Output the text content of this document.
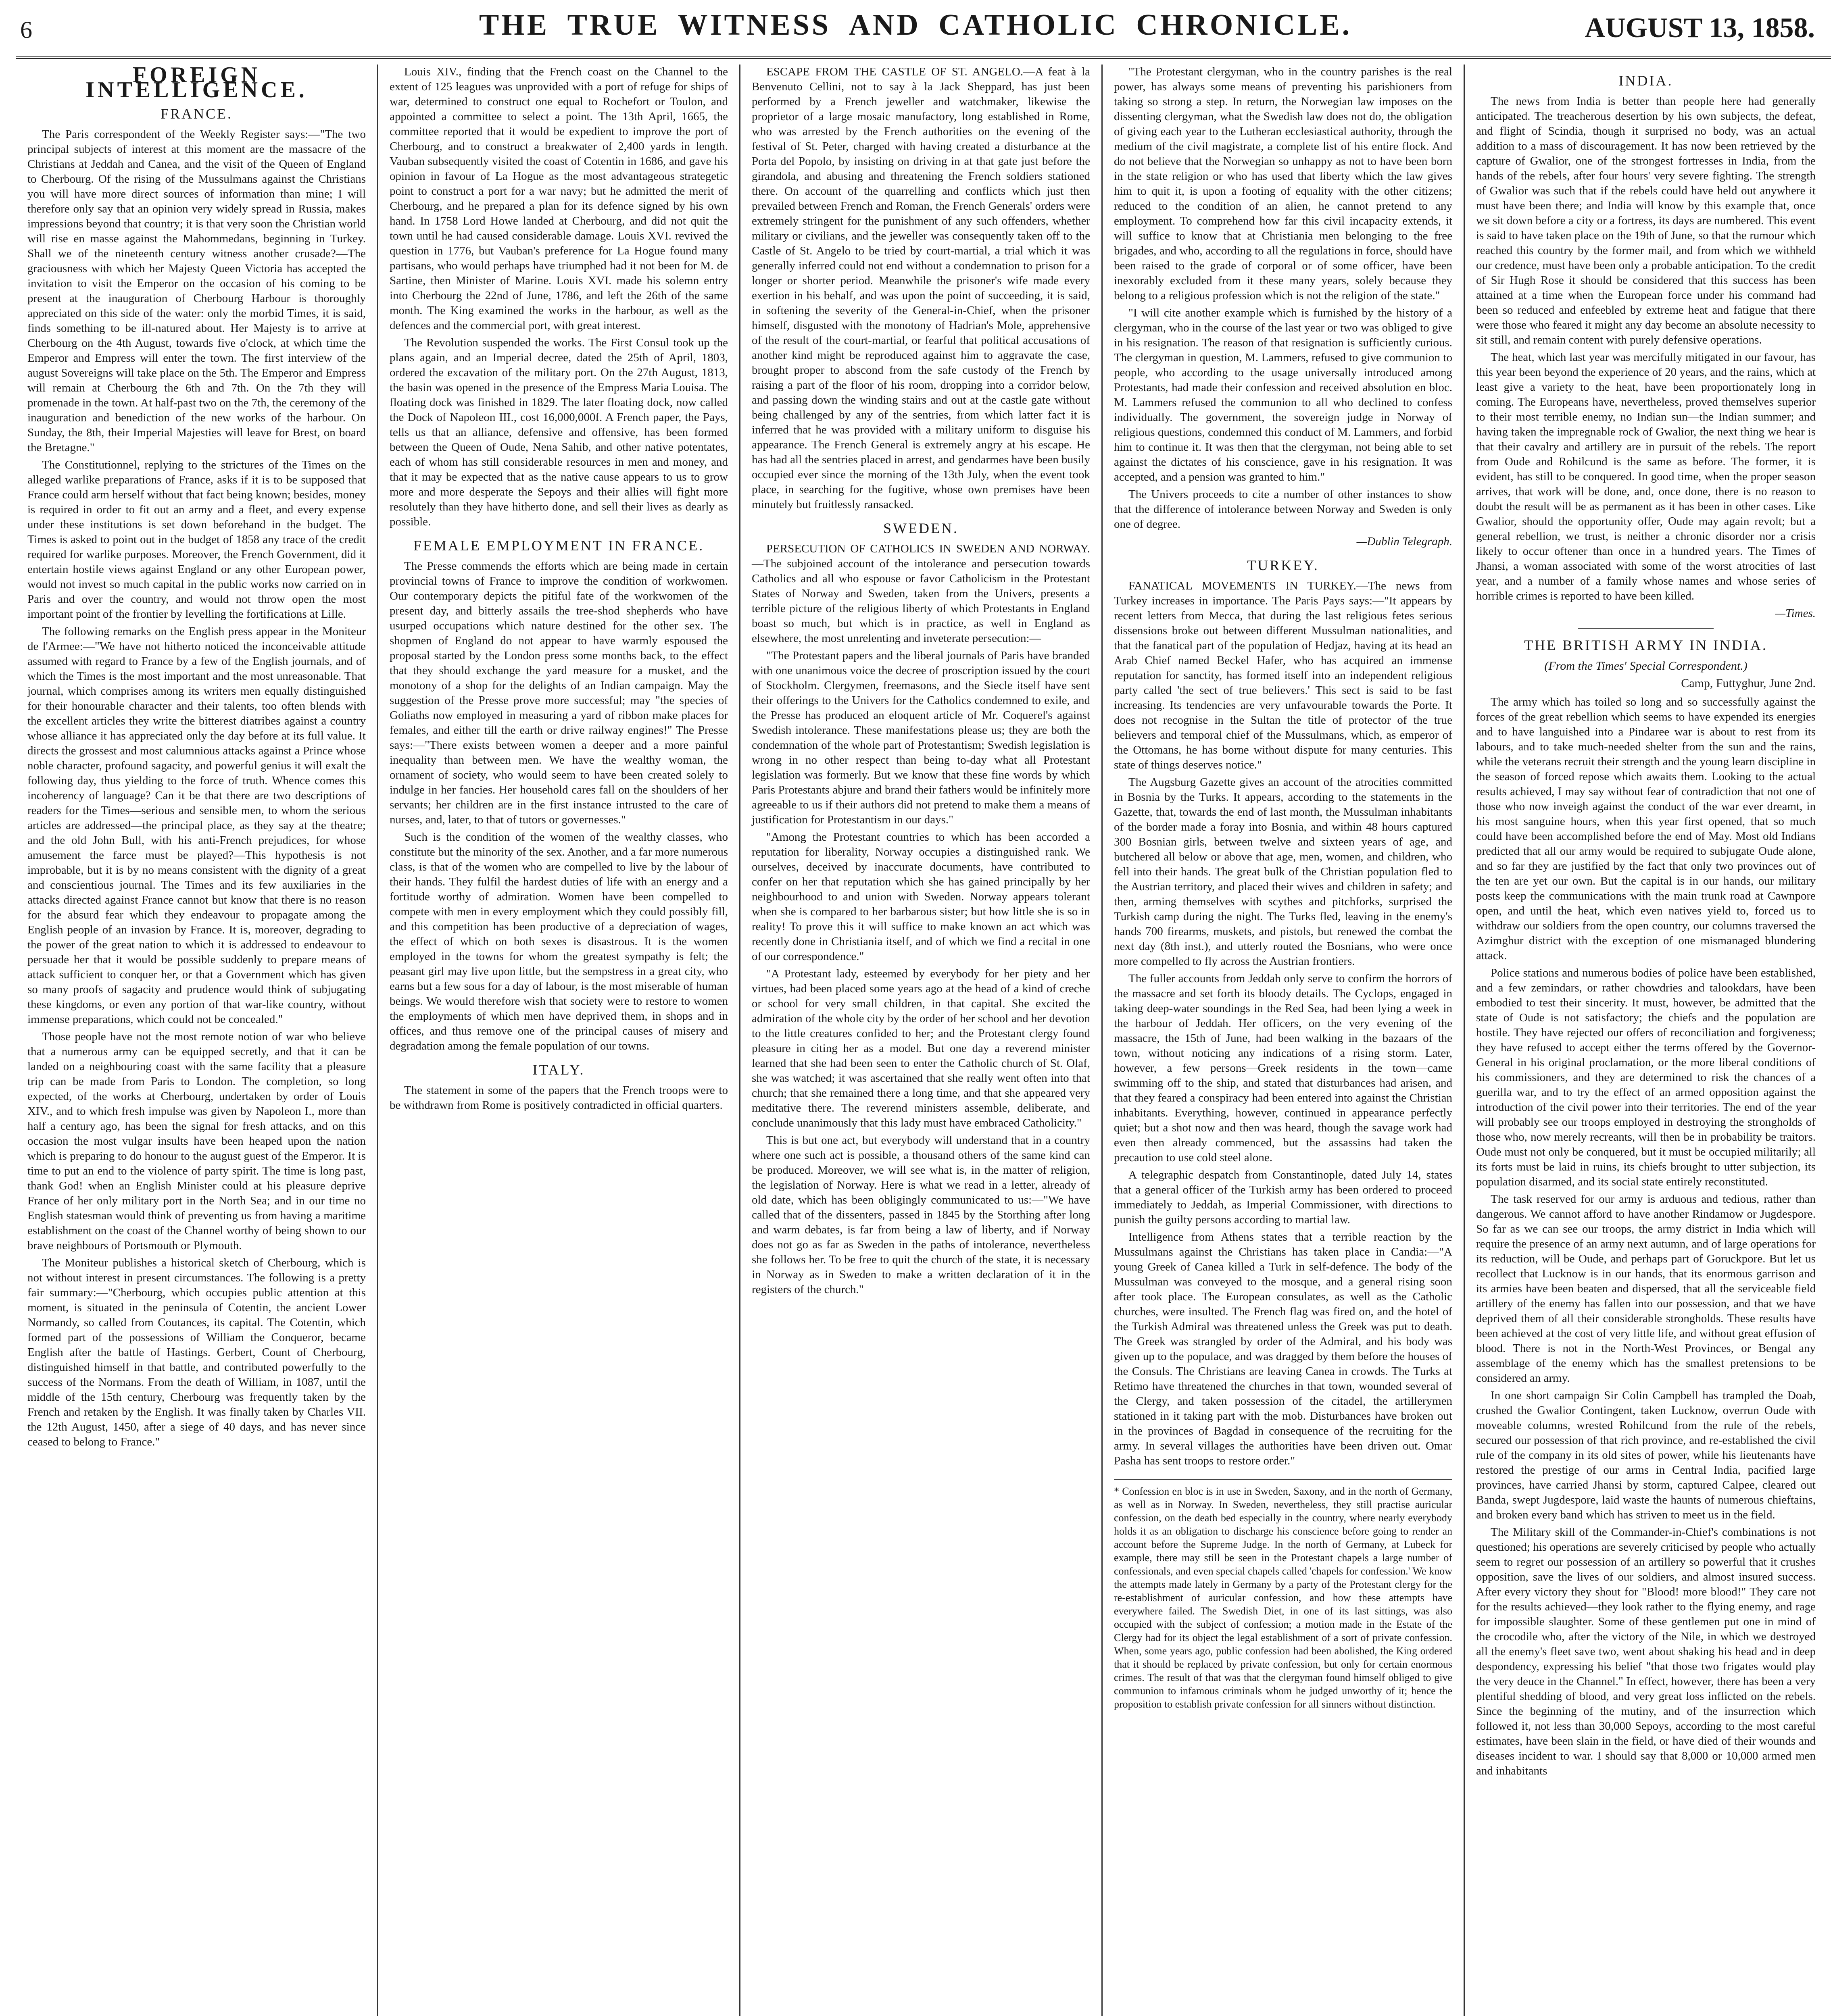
6	THE TRUE WITNESS AND CATHOLIC CHRONICLE.	AUGUST 13, 1858.
FOREIGN INTELLIGENCE.
FRANCE.

The Paris correspondent of the Weekly Register says:—"The two principal subjects of interest at this moment are the massacre of the Christians at Jeddah and Canea, and the visit of the Queen of England to Cherbourg. Of the rising of the Mussulmans against the Christians you will have more direct sources of information than mine; I will therefore only say that an opinion very widely spread in Russia, makes impressions beyond that country; it is that very soon the Christian world will rise en masse against the Mahommedans, beginning in Turkey. Shall we of the nineteenth century witness another crusade?—The graciousness with which her Majesty Queen Victoria has accepted the invitation to visit the Emperor on the occasion of his coming to be present at the inauguration of Cherbourg Harbour is thoroughly appreciated on this side of the water: only the morbid Times, it is said, finds something to be ill-natured about. Her Majesty is to arrive at Cherbourg on the 4th August, towards five o'clock, at which time the Emperor and Empress will enter the town. The first interview of the august Sovereigns will take place on the 5th. The Emperor and Empress will remain at Cherbourg the 6th and 7th. On the 7th they will promenade in the town. At half-past two on the 7th, the ceremony of the inauguration and benediction of the new works of the harbour. On Sunday, the 8th, their Imperial Majesties will leave for Brest, on board the Bretagne."

The Constitutionnel, replying to the strictures of the Times on the alleged warlike preparations of France, asks if it is to be supposed that France could arm herself without that fact being known; besides, money is required in order to fit out an army and a fleet, and every expense under these institutions is set down beforehand in the budget. The Times is asked to point out in the budget of 1858 any trace of the credit required for warlike purposes. Moreover, the French Government, did it entertain hostile views against England or any other European power, would not invest so much capital in the public works now carried on in Paris and over the country, and would not throw open the most important point of the frontier by levelling the fortifications at Lille.

The following remarks on the English press appear in the Moniteur de l'Armee:—"We have not hitherto noticed the inconceivable attitude assumed with regard to France by a few of the English journals, and of which the Times is the most important and the most unreasonable. That journal, which comprises among its writers men equally distinguished for their honourable character and their talents, too often blends with the excellent articles they write the bitterest diatribes against a country whose alliance it has appreciated only the day before at its full value. It directs the grossest and most calumnious attacks against a Prince whose noble character, profound sagacity, and powerful genius it will exalt the following day, thus yielding to the force of truth. Whence comes this incoherency of language? Can it be that there are two descriptions of readers for the Times—serious and sensible men, to whom the serious articles are addressed—the principal place, as they say at the theatre; and the old John Bull, with his anti-French prejudices, for whose amusement the farce must be played?—This hypothesis is not improbable, but it is by no means consistent with the dignity of a great and conscientious journal. The Times and its few auxiliaries in the attacks directed against France cannot but know that there is no reason for the absurd fear which they endeavour to propagate among the English people of an invasion by France. It is, moreover, degrading to the power of the great nation to which it is addressed to endeavour to persuade her that it would be possible suddenly to prepare means of attack sufficient to conquer her, or that a Government which has given so many proofs of sagacity and prudence would think of subjugating these kingdoms, or even any portion of that war-like country, without immense preparations, which could not be concealed."

Those people have not the most remote notion of war who believe that a numerous army can be equipped secretly, and that it can be landed on a neighbouring coast with the same facility that a pleasure trip can be made from Paris to London. The completion, so long expected, of the works at Cherbourg, undertaken by order of Louis XIV., and to which fresh impulse was given by Napoleon I., more than half a century ago, has been the signal for fresh attacks, and on this occasion the most vulgar insults have been heaped upon the nation which is preparing to do honour to the august guest of the Emperor. It is time to put an end to the violence of party spirit. The time is long past, thank God! when an English Minister could at his pleasure deprive France of her only military port in the North Sea; and in our time no English statesman would think of preventing us from having a maritime establishment on the coast of the Channel worthy of being shown to our brave neighbours of Portsmouth or Plymouth.

The Moniteur publishes a historical sketch of Cherbourg, which is not without interest in present circumstances. The following is a pretty fair summary:—"Cherbourg, which occupies public attention at this moment, is situated in the peninsula of Cotentin, the ancient Lower Normandy, so called from Coutances, its capital. The Cotentin, which formed part of the possessions of William the Conqueror, became English after the battle of Hastings. Gerbert, Count of Cherbourg, distinguished himself in that battle, and contributed powerfully to the success of the Normans. From the death of William, in 1087, until the middle of the 15th century, Cherbourg was frequently taken by the French and retaken by the English. It was finally taken by Charles VII. the 12th August, 1450, after a siege of 40 days, and has never since ceased to belong to France."

Louis XIV., finding that the French coast on the Channel to the extent of 125 leagues was unprovided with a port of refuge for ships of war, determined to construct one equal to Rochefort or Toulon, and appointed a committee to select a point. The 13th April, 1665, the committee reported that it would be expedient to improve the port of Cherbourg, and to construct a breakwater of 2,400 yards in length. Vauban subsequently visited the coast of Cotentin in 1686, and gave his opinion in favour of La Hogue as the most advantageous strategetic point to construct a port for a war navy; but he admitted the merit of Cherbourg, and he prepared a plan for its defence signed by his own hand. In 1758 Lord Howe landed at Cherbourg, and did not quit the town until he had caused considerable damage. Louis XVI. revived the question in 1776, but Vauban's preference for La Hogue found many partisans, who would perhaps have triumphed had it not been for M. de Sartine, then Minister of Marine. Louis XVI. made his solemn entry into Cherbourg the 22nd of June, 1786, and left the 26th of the same month. The King examined the works in the harbour, as well as the defences and the commercial port, with great interest.

The Revolution suspended the works. The First Consul took up the plans again, and an Imperial decree, dated the 25th of April, 1803, ordered the excavation of the military port. On the 27th August, 1813, the basin was opened in the presence of the Empress Maria Louisa. The floating dock was finished in 1829. The later floating dock, now called the Dock of Napoleon III., cost 16,000,000f. A French paper, the Pays, tells us that an alliance, defensive and offensive, has been formed between the Queen of Oude, Nena Sahib, and other native potentates, each of whom has still considerable resources in men and money, and that it may be expected that as the native cause appears to us to grow more and more desperate the Sepoys and their allies will fight more resolutely than they have hitherto done, and sell their lives as dearly as possible.

FEMALE EMPLOYMENT IN FRANCE.

The Presse commends the efforts which are being made in certain provincial towns of France to improve the condition of workwomen. Our contemporary depicts the pitiful fate of the workwomen of the present day, and bitterly assails the tree-shod shepherds who have usurped occupations which nature destined for the other sex. The shopmen of England do not appear to have warmly espoused the proposal started by the London press some months back, to the effect that they should exchange the yard measure for a musket, and the monotony of a shop for the delights of an Indian campaign. May the suggestion of the Presse prove more successful; may "the species of Goliaths now employed in measuring a yard of ribbon make places for females, and either till the earth or drive railway engines!" The Presse says:—"There exists between women a deeper and a more painful inequality than between men. We have the wealthy woman, the ornament of society, who would seem to have been created solely to indulge in her fancies. Her household cares fall on the shoulders of her servants; her children are in the first instance intrusted to the care of nurses, and, later, to that of tutors or governesses."

Such is the condition of the women of the wealthy classes, who constitute but the minority of the sex. Another, and a far more numerous class, is that of the women who are compelled to live by the labour of their hands. They fulfil the hardest duties of life with an energy and a fortitude worthy of admiration. Women have been compelled to compete with men in every employment which they could possibly fill, and this competition has been productive of a depreciation of wages, the effect of which on both sexes is disastrous. It is the women employed in the towns for whom the greatest sympathy is felt; the peasant girl may live upon little, but the sempstress in a great city, who earns but a few sous for a day of labour, is the most miserable of human beings. We would therefore wish that society were to restore to women the employments of which men have deprived them, in shops and in offices, and thus remove one of the principal causes of misery and degradation among the female population of our towns.

ITALY.

The statement in some of the papers that the French troops were to be withdrawn from Rome is positively contradicted in official quarters.

ESCAPE FROM THE CASTLE OF ST. ANGELO.—A feat à la Benvenuto Cellini, not to say à la Jack Sheppard, has just been performed by a French jeweller and watchmaker, likewise the proprietor of a large mosaic manufactory, long established in Rome, who was arrested by the French authorities on the evening of the festival of St. Peter, charged with having created a disturbance at the Porta del Popolo, by insisting on driving in at that gate just before the girandola, and abusing and threatening the French soldiers stationed there. On account of the quarrelling and conflicts which just then prevailed between French and Roman, the French Generals' orders were extremely stringent for the punishment of any such offenders, whether military or civilians, and the jeweller was consequently taken off to the Castle of St. Angelo to be tried by court-martial, a trial which it was generally inferred could not end without a condemnation to prison for a longer or shorter period. Meanwhile the prisoner's wife made every exertion in his behalf, and was upon the point of succeeding, it is said, in softening the severity of the General-in-Chief, when the prisoner himself, disgusted with the monotony of Hadrian's Mole, apprehensive of the result of the court-martial, or fearful that political accusations of another kind might be reproduced against him to aggravate the case, brought proper to abscond from the safe custody of the French by raising a part of the floor of his room, dropping into a corridor below, and passing down the winding stairs and out at the castle gate without being challenged by any of the sentries, from which latter fact it is inferred that he was provided with a military uniform to disguise his appearance. The French General is extremely angry at his escape. He has had all the sentries placed in arrest, and gendarmes have been busily occupied ever since the morning of the 13th July, when the event took place, in searching for the fugitive, whose own premises have been minutely but fruitlessly ransacked.

SWEDEN.

PERSECUTION OF CATHOLICS IN SWEDEN AND NORWAY.—The subjoined account of the intolerance and persecution towards Catholics and all who espouse or favor Catholicism in the Protestant States of Norway and Sweden, taken from the Univers, presents a terrible picture of the religious liberty of which Protestants in England boast so much, but which is in practice, as well in England as elsewhere, the most unrelenting and inveterate persecution:—

"The Protestant papers and the liberal journals of Paris have branded with one unanimous voice the decree of proscription issued by the court of Stockholm. Clergymen, freemasons, and the Siecle itself have sent their offerings to the Univers for the Catholics condemned to exile, and the Presse has produced an eloquent article of Mr. Coquerel's against Swedish intolerance. These manifestations please us; they are both the condemnation of the whole part of Protestantism; Swedish legislation is wrong in no other respect than being to-day what all Protestant legislation was formerly. But we know that these fine words by which Paris Protestants abjure and brand their fathers would be infinitely more agreeable to us if their authors did not pretend to make them a means of justification for Protestantism in our days."

"Among the Protestant countries to which has been accorded a reputation for liberality, Norway occupies a distinguished rank. We ourselves, deceived by inaccurate documents, have contributed to confer on her that reputation which she has gained principally by her neighbourhood to and union with Sweden. Norway appears tolerant when she is compared to her barbarous sister; but how little she is so in reality! To prove this it will suffice to make known an act which was recently done in Christiania itself, and of which we find a recital in one of our correspondence."

"A Protestant lady, esteemed by everybody for her piety and her virtues, had been placed some years ago at the head of a kind of creche or school for very small children, in that capital. She excited the admiration of the whole city by the order of her school and her devotion to the little creatures confided to her; and the Protestant clergy found pleasure in citing her as a model. But one day a reverend minister learned that she had been seen to enter the Catholic church of St. Olaf, she was watched; it was ascertained that she really went often into that church; that she remained there a long time, and that she appeared very meditative there. The reverend ministers assemble, deliberate, and conclude unanimously that this lady must have embraced Catholicity."

This is but one act, but everybody will understand that in a country where one such act is possible, a thousand others of the same kind can be produced. Moreover, we will see what is, in the matter of religion, the legislation of Norway. Here is what we read in a letter, already of old date, which has been obligingly communicated to us:—"We have called that of the dissenters, passed in 1845 by the Storthing after long and warm debates, is far from being a law of liberty, and if Norway does not go as far as Sweden in the paths of intolerance, nevertheless she follows her. To be free to quit the church of the state, it is necessary in Norway as in Sweden to make a written declaration of it in the registers of the church."

"The Protestant clergyman, who in the country parishes is the real power, has always some means of preventing his parishioners from taking so strong a step. In return, the Norwegian law imposes on the dissenting clergyman, what the Swedish law does not do, the obligation of giving each year to the Lutheran ecclesiastical authority, through the medium of the civil magistrate, a complete list of his entire flock. And do not believe that the Norwegian so unhappy as not to have been born in the state religion or who has used that liberty which the law gives him to quit it, is upon a footing of equality with the other citizens; reduced to the condition of an alien, he cannot pretend to any employment. To comprehend how far this civil incapacity extends, it will suffice to know that at Christiania men belonging to the free brigades, and who, according to all the regulations in force, should have been raised to the grade of corporal or of some officer, have been inexorably excluded from it these many years, solely because they belong to a religious profession which is not the religion of the state."

"I will cite another example which is furnished by the history of a clergyman, who in the course of the last year or two was obliged to give in his resignation. The reason of that resignation is sufficiently curious. The clergyman in question, M. Lammers, refused to give communion to people, who according to the usage universally introduced among Protestants, had made their confession and received absolution en bloc. M. Lammers refused the communion to all who declined to confess individually. The government, the sovereign judge in Norway of religious questions, condemned this conduct of M. Lammers, and forbid him to continue it. It was then that the clergyman, not being able to set against the dictates of his conscience, gave in his resignation. It was accepted, and a pension was granted to him."

The Univers proceeds to cite a number of other instances to show that the difference of intolerance between Norway and Sweden is only one of degree.

—Dublin Telegraph.
TURKEY.

FANATICAL MOVEMENTS IN TURKEY.—The news from Turkey increases in importance. The Paris Pays says:—"It appears by recent letters from Mecca, that during the last religious fetes serious dissensions broke out between different Mussulman nationalities, and that the fanatical part of the population of Hedjaz, having at its head an Arab Chief named Beckel Hafer, who has acquired an immense reputation for sanctity, has formed itself into an independent religious party called 'the sect of true believers.' This sect is said to be fast increasing. Its tendencies are very unfavourable towards the Porte. It does not recognise in the Sultan the title of protector of the true believers and temporal chief of the Mussulmans, which, as emperor of the Ottomans, he has borne without dispute for many centuries. This state of things deserves notice."

The Augsburg Gazette gives an account of the atrocities committed in Bosnia by the Turks. It appears, according to the statements in the Gazette, that, towards the end of last month, the Mussulman inhabitants of the border made a foray into Bosnia, and within 48 hours captured 300 Bosnian girls, between twelve and sixteen years of age, and butchered all below or above that age, men, women, and children, who fell into their hands. The great bulk of the Christian population fled to the Austrian territory, and placed their wives and children in safety; and then, arming themselves with scythes and pitchforks, surprised the Turkish camp during the night. The Turks fled, leaving in the enemy's hands 700 firearms, muskets, and pistols, but renewed the combat the next day (8th inst.), and utterly routed the Bosnians, who were once more compelled to fly across the Austrian frontiers.

The fuller accounts from Jeddah only serve to confirm the horrors of the massacre and set forth its bloody details. The Cyclops, engaged in taking deep-water soundings in the Red Sea, had been lying a week in the harbour of Jeddah. Her officers, on the very evening of the massacre, the 15th of June, had been walking in the bazaars of the town, without noticing any indications of a rising storm. Later, however, a few persons—Greek residents in the town—came swimming off to the ship, and stated that disturbances had arisen, and that they feared a conspiracy had been entered into against the Christian inhabitants. Everything, however, continued in appearance perfectly quiet; but a shot now and then was heard, though the savage work had even then already commenced, but the assassins had taken the precaution to use cold steel alone.

A telegraphic despatch from Constantinople, dated July 14, states that a general officer of the Turkish army has been ordered to proceed immediately to Jeddah, as Imperial Commissioner, with directions to punish the guilty persons according to martial law.

Intelligence from Athens states that a terrible reaction by the Mussulmans against the Christians has taken place in Candia:—"A young Greek of Canea killed a Turk in self-defence. The body of the Mussulman was conveyed to the mosque, and a general rising soon after took place. The European consulates, as well as the Catholic churches, were insulted. The French flag was fired on, and the hotel of the Turkish Admiral was threatened unless the Greek was put to death. The Greek was strangled by order of the Admiral, and his body was given up to the populace, and was dragged by them before the houses of the Consuls. The Christians are leaving Canea in crowds. The Turks at Retimo have threatened the churches in that town, wounded several of the Clergy, and taken possession of the citadel, the artillerymen stationed in it taking part with the mob. Disturbances have broken out in the provinces of Bagdad in consequence of the recruiting for the army. In several villages the authorities have been driven out. Omar Pasha has sent troops to restore order."

* Confession en bloc is in use in Sweden, Saxony, and in the north of Germany, as well as in Norway. In Sweden, nevertheless, they still practise auricular confession, on the death bed especially in the country, where nearly everybody holds it as an obligation to discharge his conscience before going to render an account before the Supreme Judge. In the north of Germany, at Lubeck for example, there may still be seen in the Protestant chapels a large number of confessionals, and even special chapels called 'chapels for confession.' We know the attempts made lately in Germany by a party of the Protestant clergy for the re-establishment of auricular confession, and how these attempts have everywhere failed. The Swedish Diet, in one of its last sittings, was also occupied with the subject of confession; a motion made in the Estate of the Clergy had for its object the legal establishment of a sort of private confession. When, some years ago, public confession had been abolished, the King ordered that it should be replaced by private confession, but only for certain enormous crimes. The result of that was that the clergyman found himself obliged to give communion to infamous criminals whom he judged unworthy of it; hence the proposition to establish private confession for all sinners without distinction.
INDIA.

The news from India is better than people here had generally anticipated. The treacherous desertion by his own subjects, the defeat, and flight of Scindia, though it surprised no body, was an actual addition to a mass of discouragement. It has now been retrieved by the capture of Gwalior, one of the strongest fortresses in India, from the hands of the rebels, after four hours' very severe fighting. The strength of Gwalior was such that if the rebels could have held out anywhere it must have been there; and India will know by this example that, once we sit down before a city or a fortress, its days are numbered. This event is said to have taken place on the 19th of June, so that the rumour which reached this country by the former mail, and from which we withheld our credence, must have been only a probable anticipation. To the credit of Sir Hugh Rose it should be considered that this success has been attained at a time when the European force under his command had been so reduced and enfeebled by extreme heat and fatigue that there were those who feared it might any day become an absolute necessity to sit still, and remain content with purely defensive operations.

The heat, which last year was mercifully mitigated in our favour, has this year been beyond the experience of 20 years, and the rains, which at least give a variety to the heat, have been proportionately long in coming. The Europeans have, nevertheless, proved themselves superior to their most terrible enemy, no Indian sun—the Indian summer; and having taken the impregnable rock of Gwalior, the next thing we hear is that their cavalry and artillery are in pursuit of the rebels. The report from Oude and Rohilcund is the same as before. The former, it is evident, has still to be conquered. In good time, when the proper season arrives, that work will be done, and, once done, there is no reason to doubt the result will be as permanent as it has been in other cases. Like Gwalior, should the opportunity offer, Oude may again revolt; but a general rebellion, we trust, is neither a chronic disorder nor a crisis likely to occur oftener than once in a hundred years. The Times of Jhansi, a woman associated with some of the worst atrocities of last year, and a number of a family whose names and whose series of horrible crimes is reported to have been killed.

—Times.
THE BRITISH ARMY IN INDIA.
(From the Times' Special Correspondent.)
Camp, Futtyghur, June 2nd.

The army which has toiled so long and so successfully against the forces of the great rebellion which seems to have expended its energies and to have languished into a Pindaree war is about to rest from its labours, and to take much-needed shelter from the sun and the rains, while the veterans recruit their strength and the young learn discipline in the season of forced repose which awaits them. Looking to the actual results achieved, I may say without fear of contradiction that not one of those who now inveigh against the conduct of the war ever dreamt, in his most sanguine hours, when this year first opened, that so much could have been accomplished before the end of May. Most old Indians predicted that all our army would be required to subjugate Oude alone, and so far they are justified by the fact that only two provinces out of the ten are yet our own. But the capital is in our hands, our military posts keep the communications with the main trunk road at Cawnpore open, and until the heat, which even natives yield to, forced us to withdraw our soldiers from the open country, our columns traversed the Azimghur district with the exception of one mismanaged blundering attack.

Police stations and numerous bodies of police have been established, and a few zemindars, or rather chowdries and talookdars, have been embodied to test their sincerity. It must, however, be admitted that the state of Oude is not satisfactory; the chiefs and the population are hostile. They have rejected our offers of reconciliation and forgiveness; they have refused to accept either the terms offered by the Governor-General in his original proclamation, or the more liberal conditions of his commissioners, and they are determined to risk the chances of a guerilla war, and to try the effect of an armed opposition against the introduction of the civil power into their territories. The end of the year will probably see our troops employed in destroying the strongholds of those who, now merely recreants, will then be in probability be traitors. Oude must not only be conquered, but it must be occupied militarily; all its forts must be laid in ruins, its chiefs brought to utter subjection, its population disarmed, and its social state entirely reconstituted.

The task reserved for our army is arduous and tedious, rather than dangerous. We cannot afford to have another Rindamow or Jugdespore. So far as we can see our troops, the army district in India which will require the presence of an army next autumn, and of large operations for its reduction, will be Oude, and perhaps part of Goruckpore. But let us recollect that Lucknow is in our hands, that its enormous garrison and its armies have been beaten and dispersed, that all the serviceable field artillery of the enemy has fallen into our possession, and that we have deprived them of all their considerable strongholds. These results have been achieved at the cost of very little life, and without great effusion of blood. There is not in the North-West Provinces, or Bengal any assemblage of the enemy which has the smallest pretensions to be considered an army.

In one short campaign Sir Colin Campbell has trampled the Doab, crushed the Gwalior Contingent, taken Lucknow, overrun Oude with moveable columns, wrested Rohilcund from the rule of the rebels, secured our possession of that rich province, and re-established the civil rule of the company in its old sites of power, while his lieutenants have restored the prestige of our arms in Central India, pacified large provinces, have carried Jhansi by storm, captured Calpee, cleared out Banda, swept Jugdespore, laid waste the haunts of numerous chieftains, and broken every band which has striven to meet us in the field.

The Military skill of the Commander-in-Chief's combinations is not questioned; his operations are severely criticised by people who actually seem to regret our possession of an artillery so powerful that it crushes opposition, save the lives of our soldiers, and almost insured success. After every victory they shout for "Blood! more blood!" They care not for the results achieved—they look rather to the flying enemy, and rage for impossible slaughter. Some of these gentlemen put one in mind of the crocodile who, after the victory of the Nile, in which we destroyed all the enemy's fleet save two, went about shaking his head and in deep despondency, expressing his belief "that those two frigates would play the very deuce in the Channel." In effect, however, there has been a very plentiful shedding of blood, and very great loss inflicted on the rebels. Since the beginning of the mutiny, and of the insurrection which followed it, not less than 30,000 Sepoys, according to the most careful estimates, have been slain in the field, or have died of their wounds and diseases incident to war. I should say that 8,000 or 10,000 armed men and inhabitants
